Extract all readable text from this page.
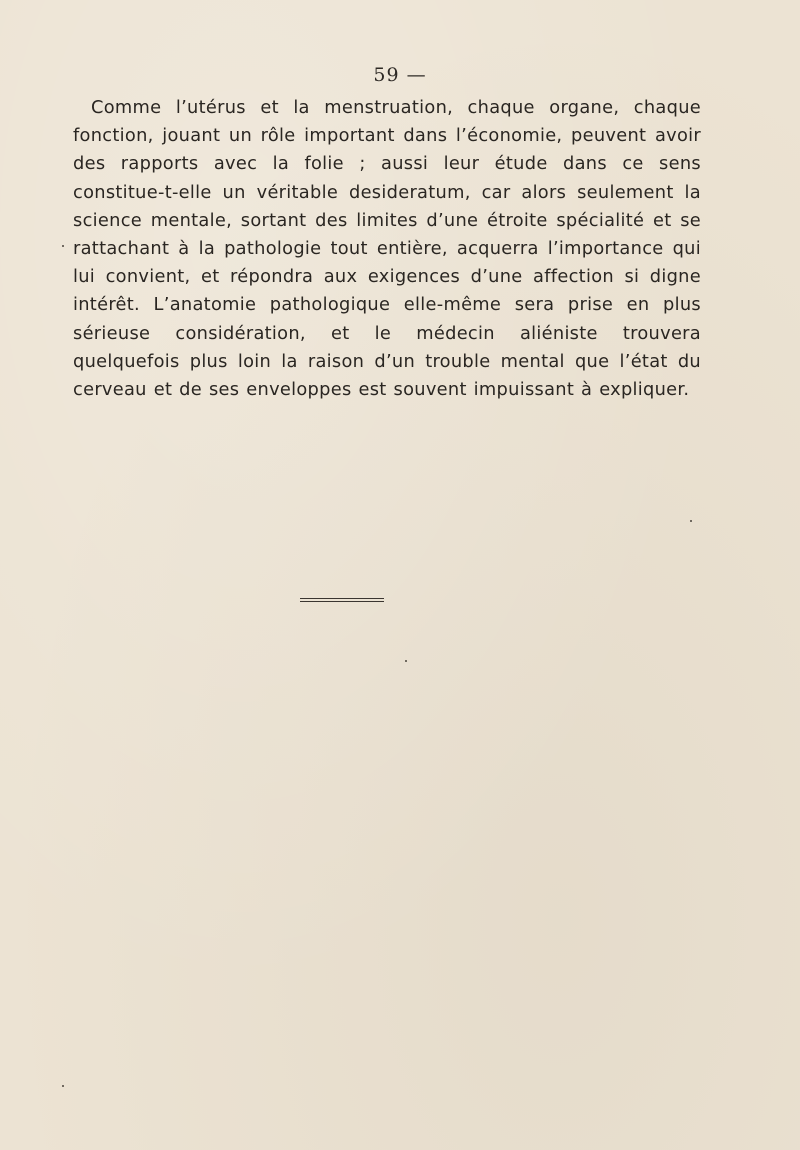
59 —

Comme l’utérus et la menstruation, chaque organe, chaque fonction, jouant un rôle important dans l’économie, peuvent avoir des rapports avec la folie ; aussi leur étude dans ce sens constitue-t-elle un véritable desideratum, car alors seulement la science mentale, sortant des limites d’une étroite spécialité et se rattachant à la pathologie tout entière, acquerra l’importance qui lui convient, et répondra aux exigences d’une affection si digne intérêt. L’anatomie pathologique elle-même sera prise en plus sérieuse considération, et le médecin aliéniste trouvera quelquefois plus loin la raison d’un trouble mental que l’état du cerveau et de ses enveloppes est souvent impuissant à expliquer.
